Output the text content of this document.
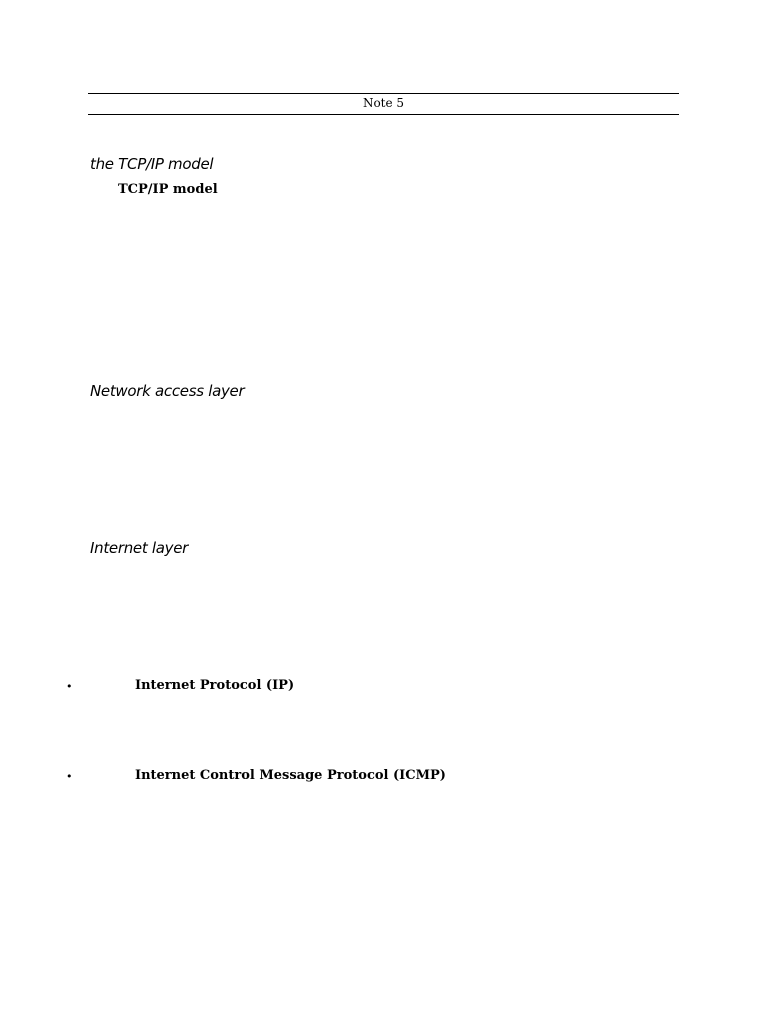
Note 5
the TCP/IP model
TCP/IP model
Network access layer
Internet layer
•	Internet Protocol (IP)
•	Internet Control Message Protocol (ICMP)
